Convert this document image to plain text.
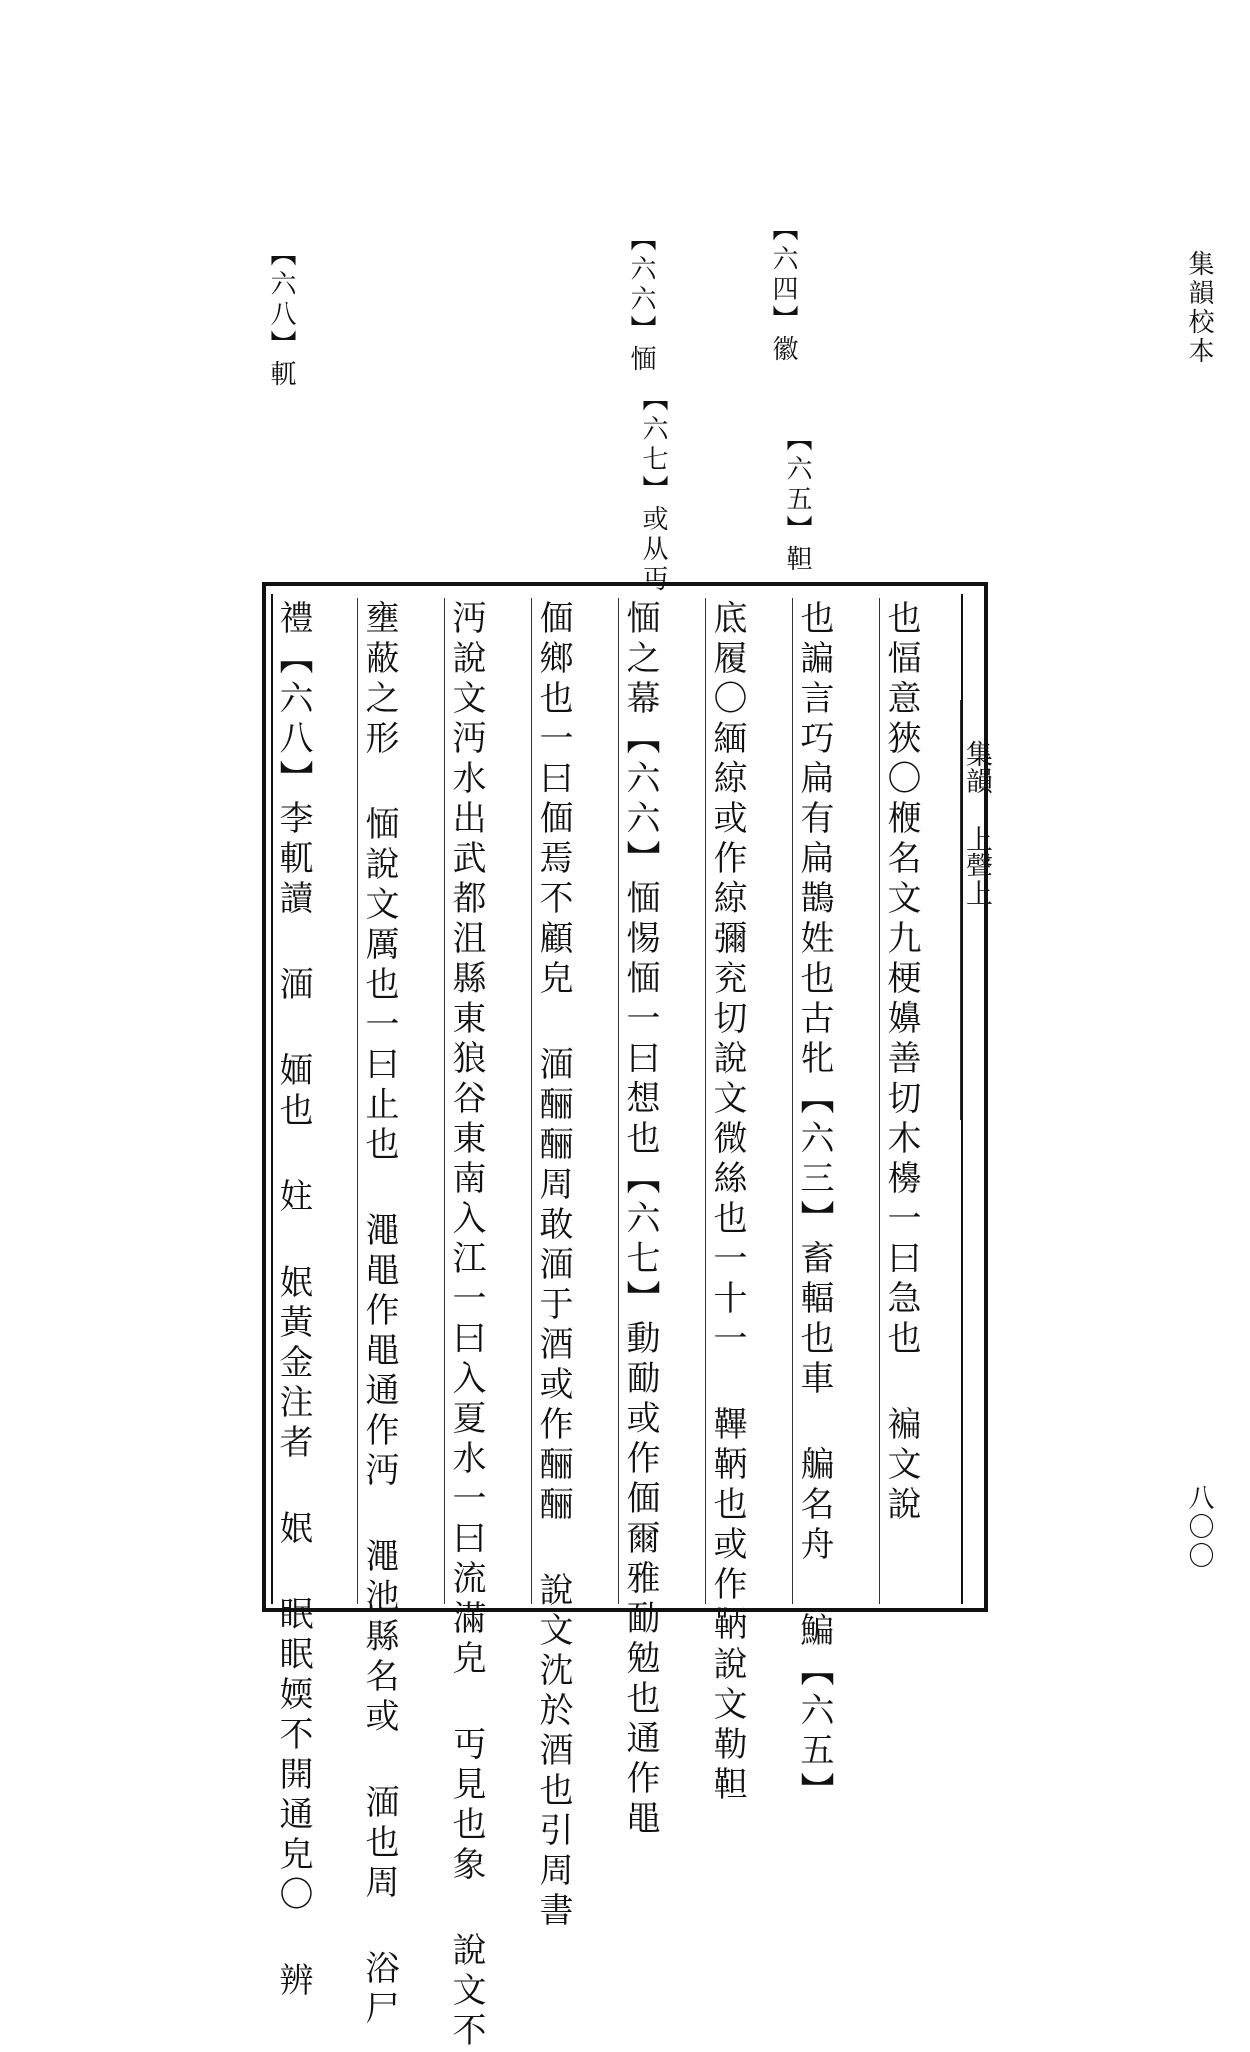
集韻校本
八〇〇
【六四】徽
【六五】靼
【六六】愐
【六七】或从丏
【六八】軏
集韻 上聲上
也愊意狹〇楩名文九梗嬶善切木櫋一曰急也 褊文說
也諞言巧扁有扁鵲姓也古牝【六三】畜輻也車 艑名舟 鯿【六五】
底履〇緬綡或作綡彌兖切說文微絲也一十一 鞸鞆也或作鞆說文勒靼
愐之幕【六六】愐惕愐一曰想也【六七】動勔或作偭爾雅勔勉也通作黽
偭鄉也一曰偭焉不顧皃 湎酾酾周敢湎于酒或作酾酾 說文沈於酒也引周書
沔說文沔水出武都沮縣東狼谷東南入江一曰入夏水一曰流滿皃 丏見也象 說文不
壅蔽之形 愐說文厲也一曰止也 澠黽作黽通作沔 澠池縣名或 湎也周 浴尸
禮【六八】李軏讀 湎 媔也 妵 姄黃金注者 姄 眠眠媆不開通皃〇 辨
